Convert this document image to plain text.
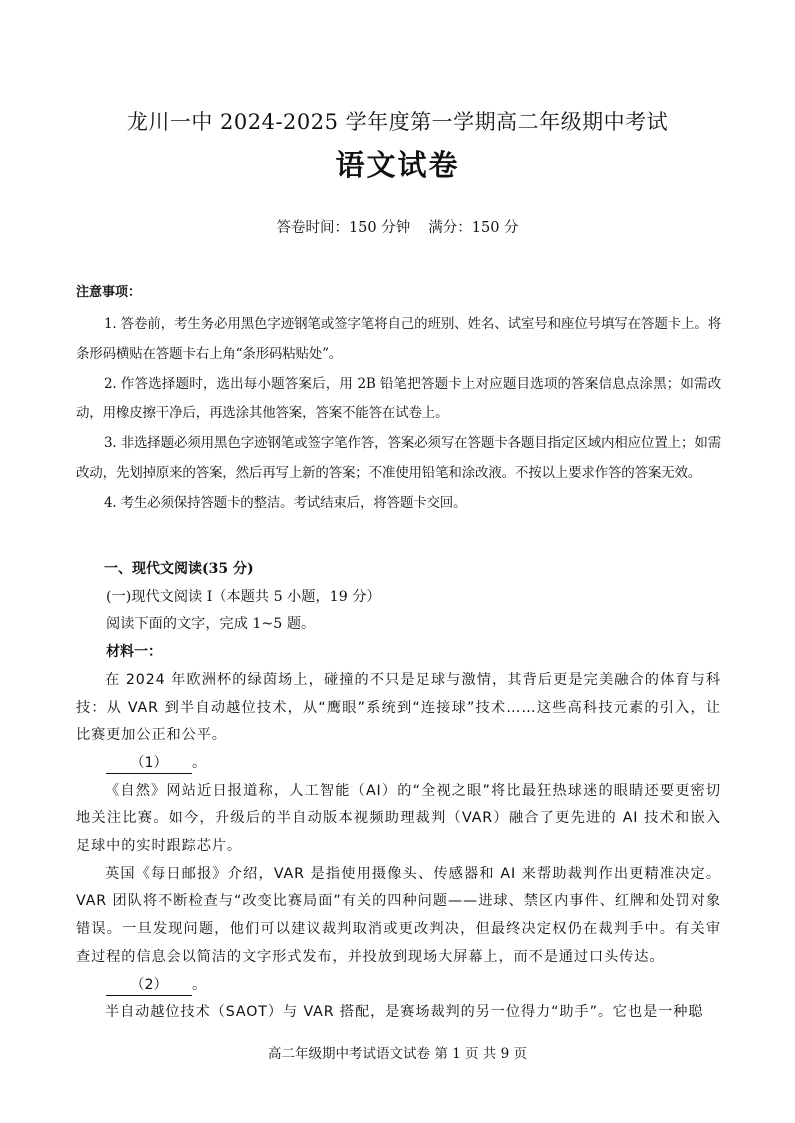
龙川一中 2024-2025 学年度第一学期高二年级期中考试
语文试卷
答卷时间：150 分钟 满分：150 分
注意事项：

1. 答卷前，考生务必用黑色字迹钢笔或签字笔将自己的班别、姓名、试室号和座位号填写在答题卡上。将条形码横贴在答题卡右上角“条形码粘贴处”。

2. 作答选择题时，选出每小题答案后，用 2B 铅笔把答题卡上对应题目选项的答案信息点涂黑；如需改动，用橡皮擦干净后，再选涂其他答案，答案不能答在试卷上。

3. 非选择题必须用黑色字迹钢笔或签字笔作答，答案必须写在答题卡各题目指定区域内相应位置上；如需改动，先划掉原来的答案，然后再写上新的答案；不准使用铅笔和涂改液。不按以上要求作答的答案无效。

4. 考生必须保持答题卡的整洁。考试结束后，将答题卡交回。

一、现代文阅读(35 分)
(一)现代文阅读 I（本题共 5 小题，19 分）
阅读下面的文字，完成 1~5 题。
材料一：

在 2024 年欧洲杯的绿茵场上，碰撞的不只是足球与激情，其背后更是完美融合的体育与科技：从 VAR 到半自动越位技术，从“鹰眼”系统到“连接球”技术……这些高科技元素的引入，让比赛更加公正和公平。

（1） 。

《自然》网站近日报道称，人工智能（AI）的“全视之眼”将比最狂热球迷的眼睛还要更密切地关注比赛。如今，升级后的半自动版本视频助理裁判（VAR）融合了更先进的 AI 技术和嵌入足球中的实时跟踪芯片。

英国《每日邮报》介绍，VAR 是指使用摄像头、传感器和 AI 来帮助裁判作出更精准决定。VAR 团队将不断检查与“改变比赛局面”有关的四种问题——进球、禁区内事件、红牌和处罚对象错误。一旦发现问题，他们可以建议裁判取消或更改判决，但最终决定权仍在裁判手中。有关审查过程的信息会以简洁的文字形式发布，并投放到现场大屏幕上，而不是通过口头传达。

（2） 。

半自动越位技术（SAOT）与 VAR 搭配，是赛场裁判的另一位得力“助手”。它也是一种聪

高二年级期中考试语文试卷 第 1 页 共 9 页
